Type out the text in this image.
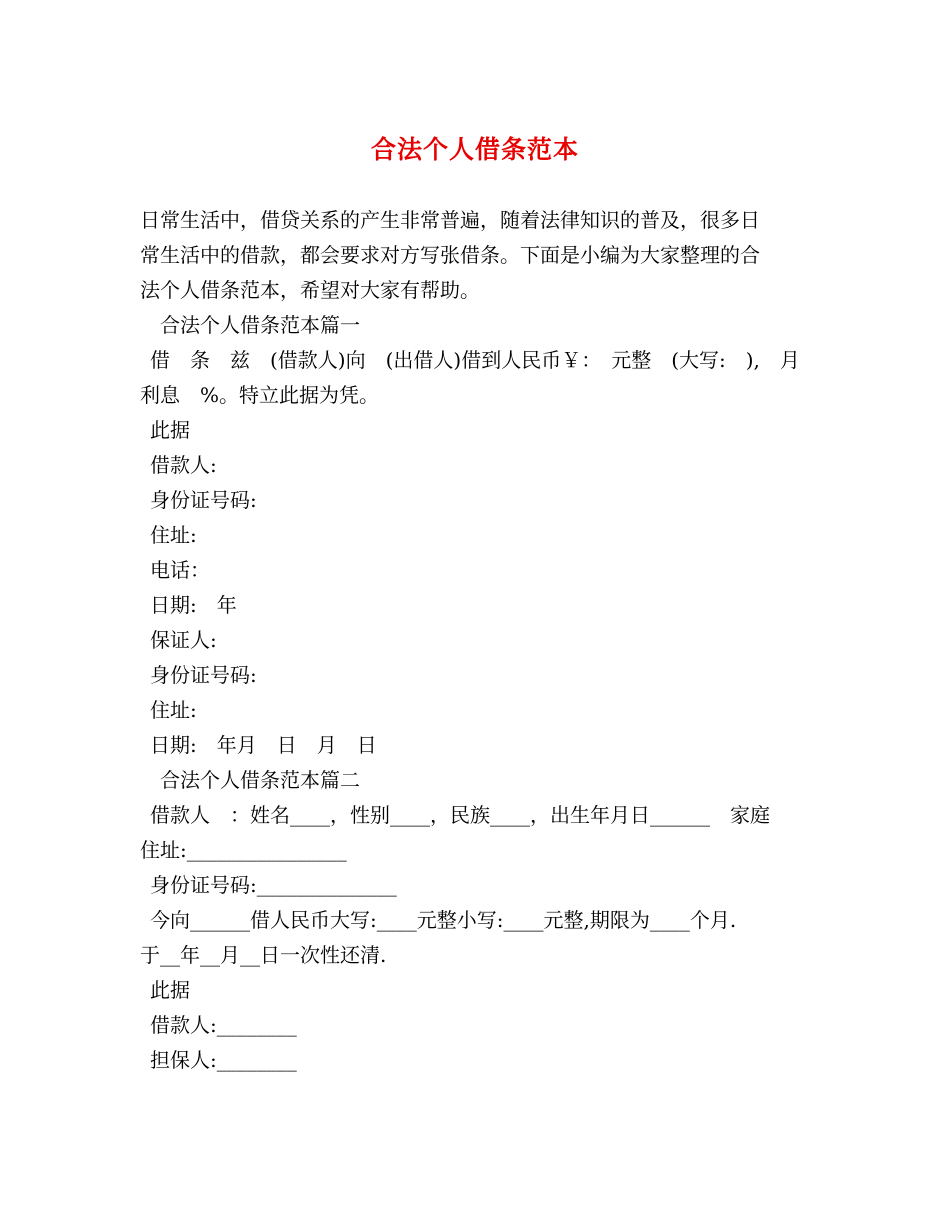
合法个人借条范本
日常生活中，借贷关系的产生非常普遍，随着法律知识的普及，很多日
常生活中的借款，都会要求对方写张借条。下面是小编为大家整理的合
法个人借条范本，希望对大家有帮助。
合法个人借条范本篇一
借　条　兹　(借款人)向　(出借人)借到人民币￥：　元整　(大写:　),　月
利息　%。特立此据为凭。
此据
借款人:
身份证号码:
住址:
电话：
日期:　年
保证人:
身份证号码:
住址:
日期:　年月　日　月　日
合法个人借条范本篇二
借款人　：姓名____，性别____，民族____，出生年月日______　家庭
住址:________________
身份证号码:______________
今向______借人民币大写:____元整小写:____元整,期限为____个月.
于__年__月__日一次性还清.
此据
借款人:________
担保人:________
